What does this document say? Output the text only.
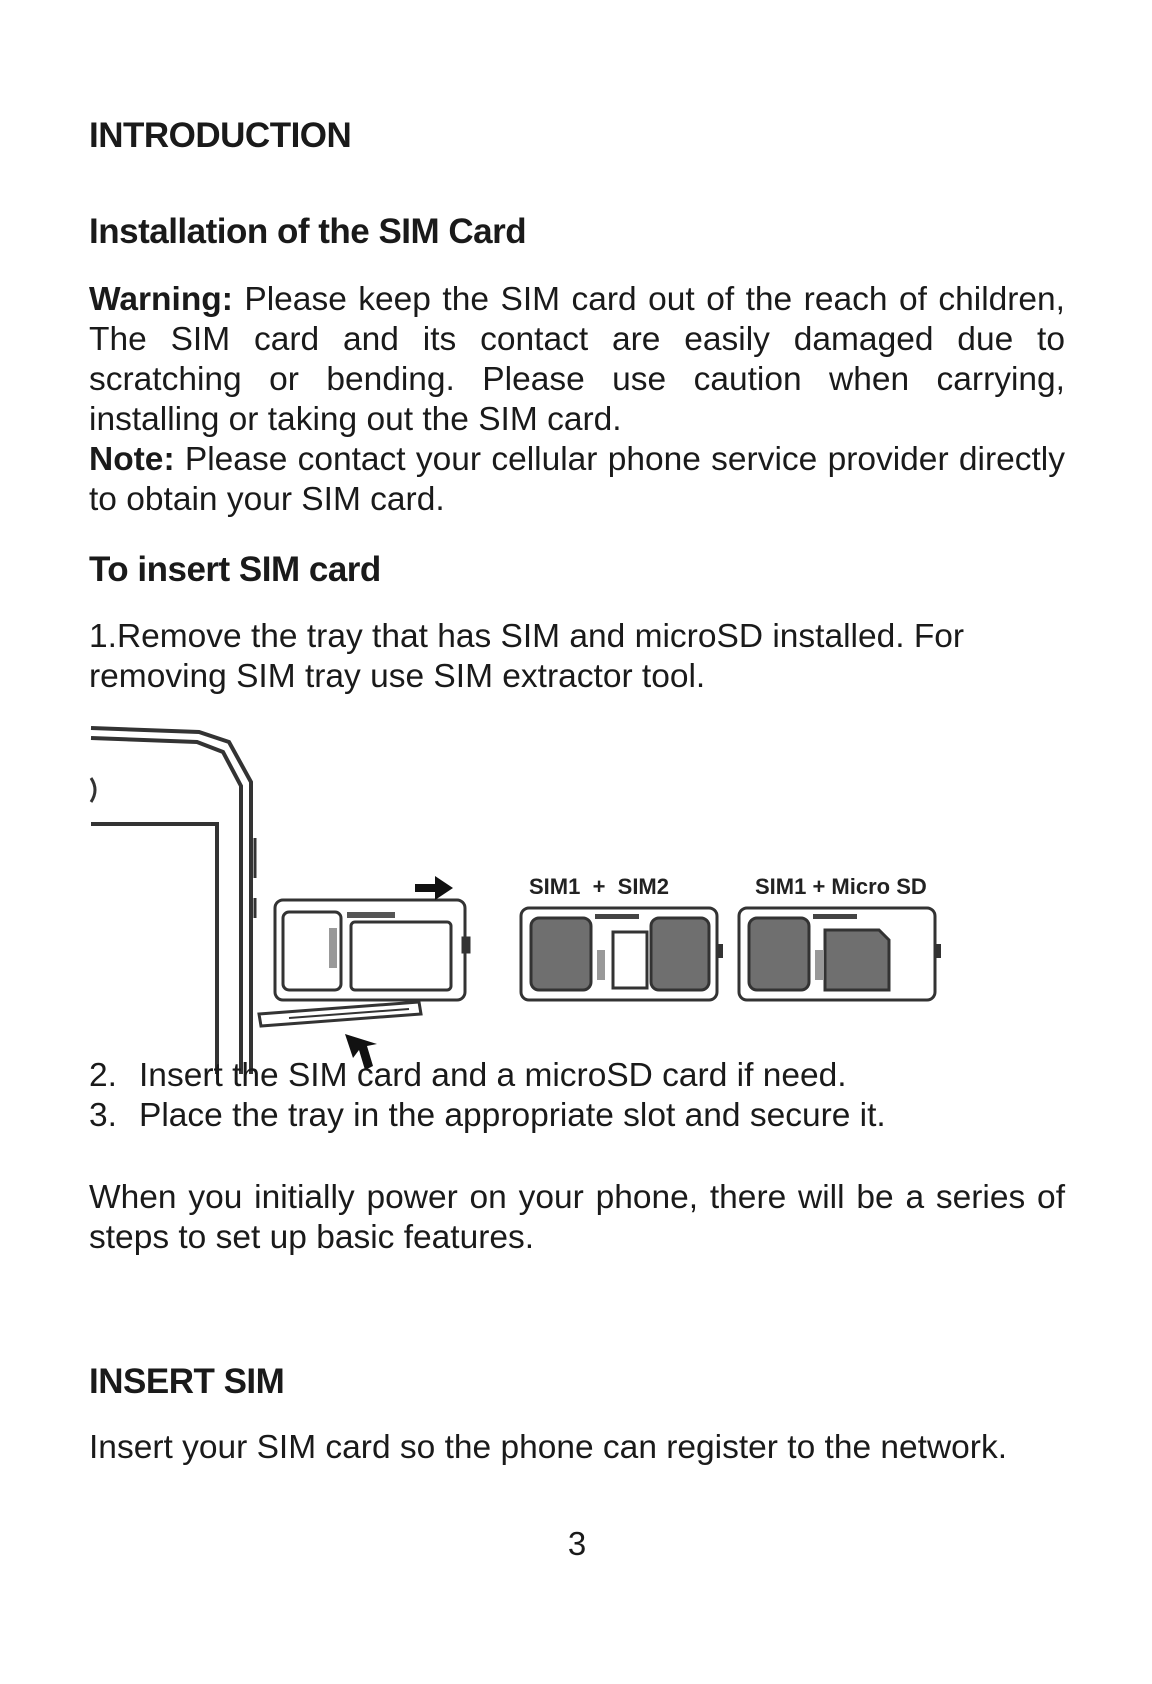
INTRODUCTION
Installation of the SIM Card
Warning: Please keep the SIM card out of the reach of children, The SIM card and its contact are easily damaged due to scratching or bending. Please use caution when carrying, installing or taking out the SIM card.
Note: Please contact your cellular phone service provider directly to obtain your SIM card.
To insert SIM card
1.Remove the tray that has SIM and microSD installed. For removing SIM tray use SIM extractor tool.
SIM1  +  SIM2	SIM1 + Micro SD
2. Insert the SIM card and a microSD card if need.
3. Place the tray in the appropriate slot and secure it.
When you initially power on your phone, there will be a series of steps to set up basic features.
INSERT SIM
Insert your SIM card so the phone can register to the network.
3
